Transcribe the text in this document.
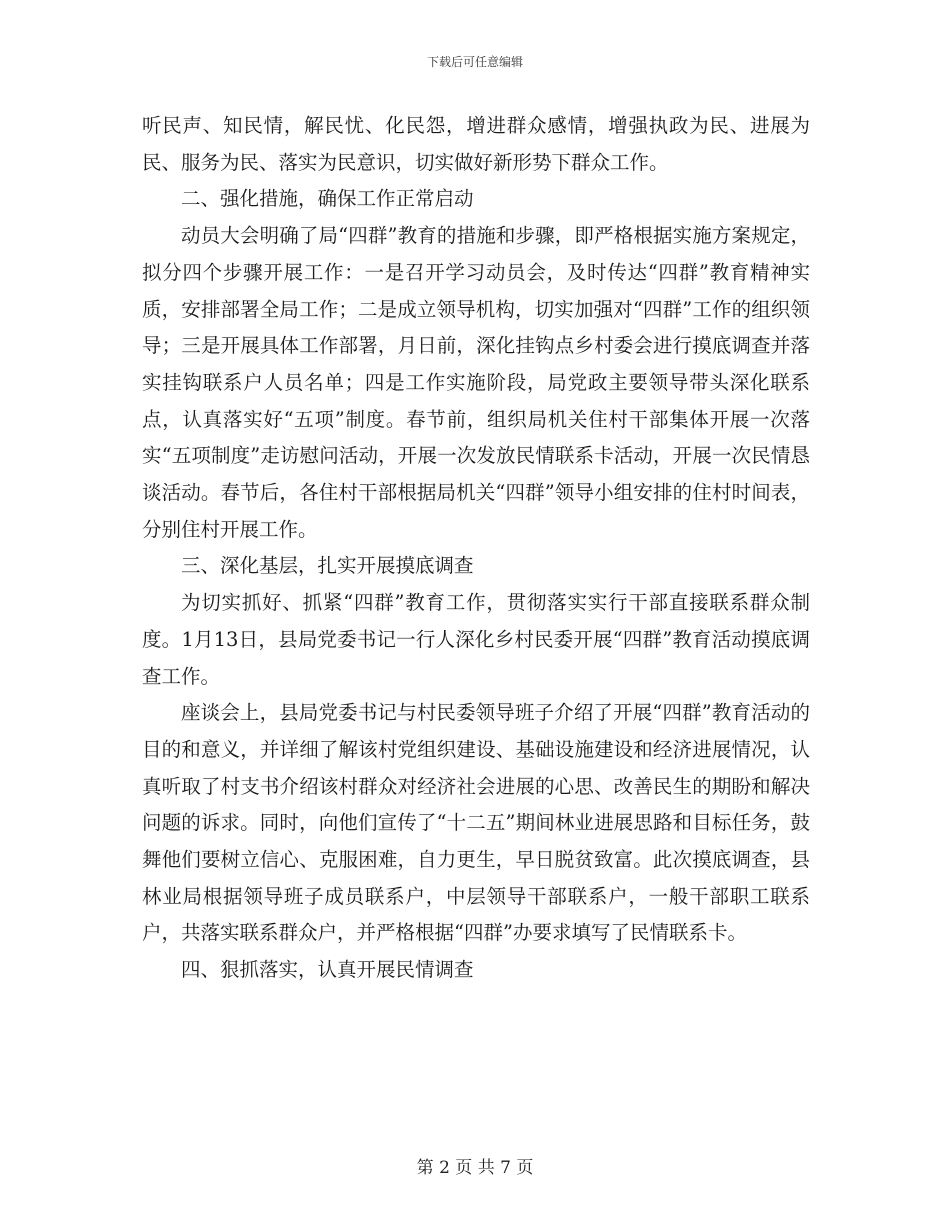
下载后可任意编辑

听民声、知民情，解民忧、化民怨，增进群众感情，增强执政为民、进展为民、服务为民、落实为民意识，切实做好新形势下群众工作。

二、强化措施，确保工作正常启动

动员大会明确了局“四群”教育的措施和步骤，即严格根据实施方案规定，拟分四个步骤开展工作：一是召开学习动员会，及时传达“四群”教育精神实质，安排部署全局工作；二是成立领导机构，切实加强对“四群”工作的组织领导；三是开展具体工作部署，月日前，深化挂钩点乡村委会进行摸底调查并落实挂钩联系户人员名单；四是工作实施阶段，局党政主要领导带头深化联系点，认真落实好“五项”制度。春节前，组织局机关住村干部集体开展一次落实“五项制度”走访慰问活动，开展一次发放民情联系卡活动，开展一次民情恳谈活动。春节后，各住村干部根据局机关“四群”领导小组安排的住村时间表，分别住村开展工作。

三、深化基层，扎实开展摸底调查

为切实抓好、抓紧“四群”教育工作，贯彻落实实行干部直接联系群众制度。1月13日，县局党委书记一行人深化乡村民委开展“四群”教育活动摸底调查工作。

座谈会上，县局党委书记与村民委领导班子介绍了开展“四群”教育活动的目的和意义，并详细了解该村党组织建设、基础设施建设和经济进展情况，认真听取了村支书介绍该村群众对经济社会进展的心思、改善民生的期盼和解决问题的诉求。同时，向他们宣传了“十二五”期间林业进展思路和目标任务，鼓舞他们要树立信心、克服困难，自力更生，早日脱贫致富。此次摸底调查，县林业局根据领导班子成员联系户，中层领导干部联系户，一般干部职工联系户，共落实联系群众户，并严格根据“四群”办要求填写了民情联系卡。

四、狠抓落实，认真开展民情调查

第 2 页 共 7 页
